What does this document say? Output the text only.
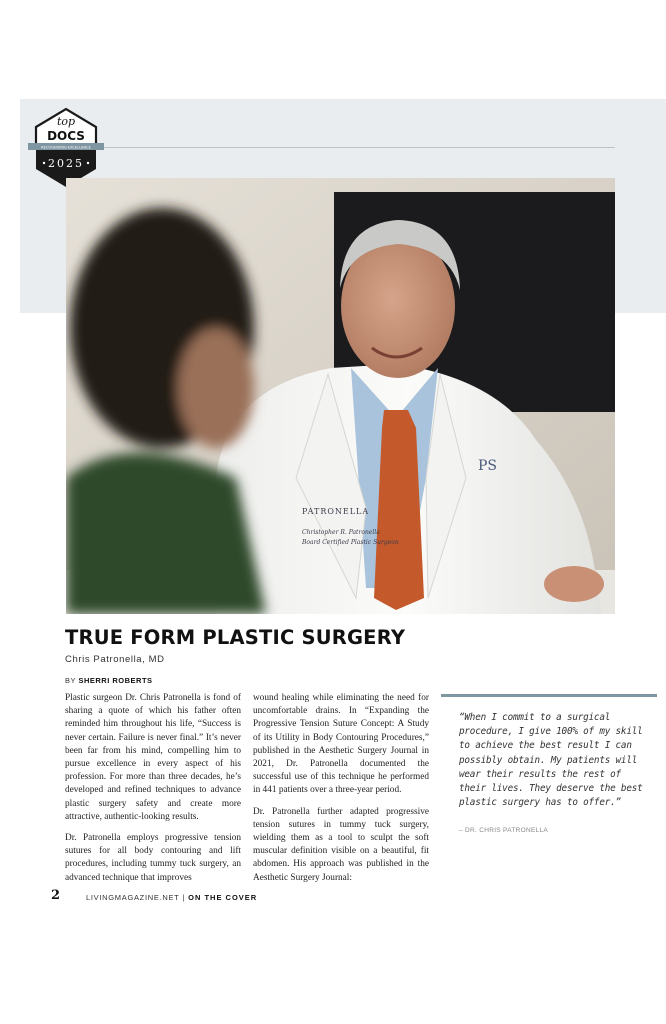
top
DOCS
RECOGNIZING EXCELLENCE
2025
PATRONELLA
Christopher R. Patronella
Board Certified Plastic Surgeon
PS
TRUE FORM PLASTIC SURGERY
Chris Patronella, MD
BY SHERRI ROBERTS

Plastic surgeon Dr. Chris Patronella is fond of sharing a quote of which his father often reminded him throughout his life, “Success is never certain. Failure is never final.” It’s never been far from his mind, compelling him to pursue excellence in every aspect of his profession. For more than three decades, he’s developed and refined techniques to advance plastic surgery safety and create more attractive, authentic-looking results.

Dr. Patronella employs progressive tension sutures for all body contouring and lift procedures, including tummy tuck surgery, an advanced technique that improves

wound healing while eliminating the need for uncomfortable drains. In “Expanding the Progressive Tension Suture Concept: A Study of its Utility in Body Contouring Procedures,” published in the Aesthetic Surgery Journal in 2021, Dr. Patronella documented the successful use of this technique he performed in 441 patients over a three-year period.

Dr. Patronella further adapted progressive tension sutures in tummy tuck surgery, wielding them as a tool to sculpt the soft muscular definition visible on a beautiful, fit abdomen. His approach was published in the Aesthetic Surgery Journal:

“When I commit to a surgical procedure, I give 100% of my skill to achieve the best result I can possibly obtain. My patients will wear their results the rest of their lives. They deserve the best plastic surgery has to offer.”

– DR. CHRIS PATRONELLA
2	LIVINGMAGAZINE.NET | ON THE COVER
